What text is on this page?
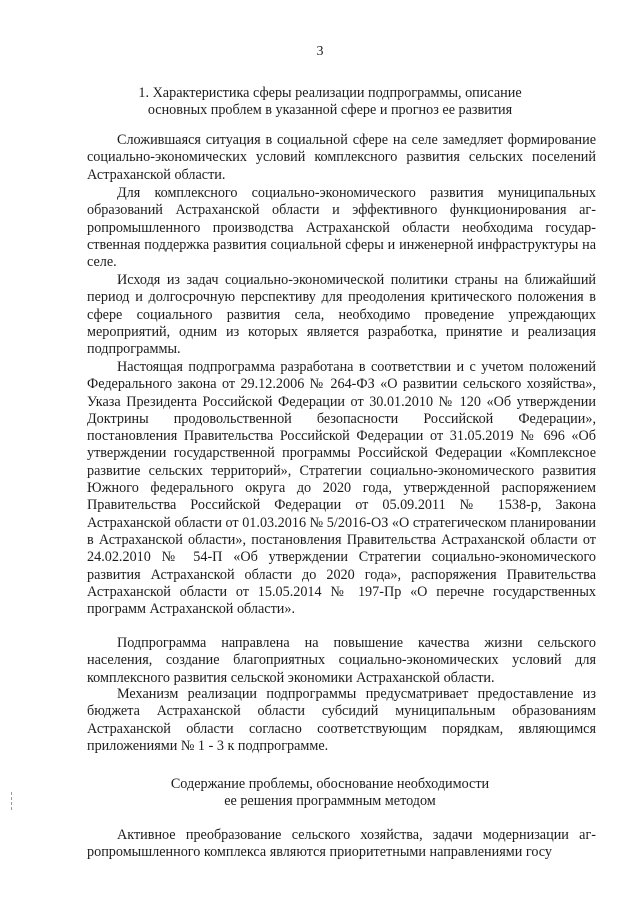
3
1. Характеристика сферы реализации подпрограммы, описание
основных проблем в указанной сфере и прогноз ее развития
Сложившаяся ситуация в социальной сфере на селе замедляет формирование социально-экономических условий комплексного развития сельских поселений Астраханской области.
Для комплексного социально-экономического развития муниципальных образований Астраханской области и эффективного функционирования агропромышленного производства Астраханской области необходима государственная поддержка развития социальной сферы и инженерной инфраструктуры на селе.
Исходя из задач социально-экономической политики страны на ближайший период и долгосрочную перспективу для преодоления критического положения в сфере социального развития села, необходимо проведение упреждающих мероприятий, одним из которых является разработка, принятие и реализация подпрограммы.
Настоящая подпрограмма разработана в соответствии и с учетом положений Федерального закона от 29.12.2006 № 264-ФЗ «О развитии сельского хозяйства», Указа Президента Российской Федерации от 30.01.2010 № 120 «Об утверждении Доктрины продовольственной безопасности Российской Федерации», постановления Правительства Российской Федерации от 31.05.2019 № 696 «Об утверждении государственной программы Российской Федерации «Комплексное развитие сельских территорий», Стратегии социально-экономического развития Южного федерального округа до 2020 года, утвержденной распоряжением Правительства Российской Федерации от 05.09.2011 № 1538-р, Закона Астраханской области от 01.03.2016 № 5/2016-ОЗ «О стратегическом планировании в Астраханской области», постановления Правительства Астраханской области от 24.02.2010 № 54-П «Об утверждении Стратегии социально-экономического развития Астраханской области до 2020 года», распоряжения Правительства Астраханской области от 15.05.2014 № 197-Пр «О перечне государственных программ Астраханской области».
Подпрограмма направлена на повышение качества жизни сельского населения, создание благоприятных социально-экономических условий для комплексного развития сельской экономики Астраханской области.
Механизм реализации подпрограммы предусматривает предоставление из бюджета Астраханской области субсидий муниципальным образованиям Астраханской области согласно соответствующим порядкам, являющимся приложениями № 1 - 3 к подпрограмме.
Содержание проблемы, обоснование необходимости
ее решения программным методом
Активное преобразование сельского хозяйства, задачи модернизации агропромышленного комплекса являются приоритетными направлениями госу
